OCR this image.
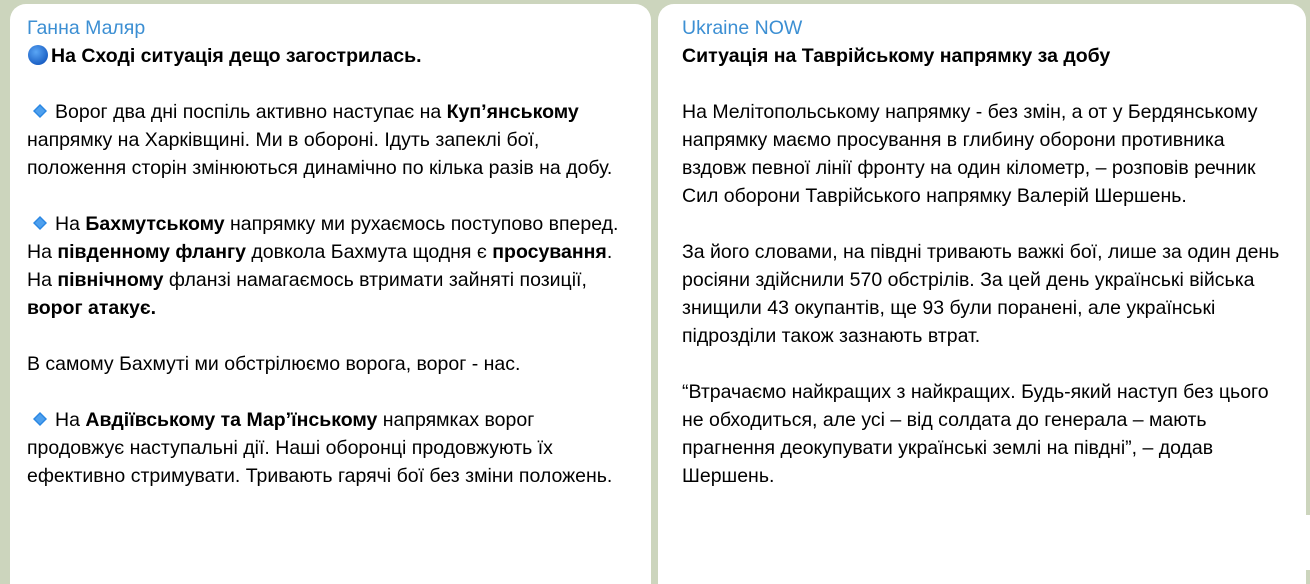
Ганна Маляр
На Сході ситуація дещо загострилась.
Ворог два дні поспіль активно наступає на Куп’янському напрямку на Харківщині. Ми в обороні. Ідуть запеклі бої, положення сторін змінюються динамічно по кілька разів на добу.
На Бахмутському напрямку ми рухаємось поступово вперед. На південному флангу довкола Бахмута щодня є просування.
На північному фланзі намагаємось втримати зайняті позиції, ворог атакує.
В самому Бахмуті ми обстрілюємо ворога, ворог - нас.
На Авдіївському та Мар’їнському напрямках ворог продовжує наступальні дії. Наші оборонці продовжують їх ефективно стримувати. Тривають гарячі бої без зміни положень.
Ukraine NOW
Ситуація на Таврійському напрямку за добу
На Мелітопольському напрямку - без змін, а от у Бердянському напрямку маємо просування в глибину оборони противника вздовж певної лінії фронту на один кілометр, – розповів речник Сил оборони Таврійського напрямку Валерій Шершень.
За його словами, на півдні тривають важкі бої, лише за один день росіяни здійснили 570 обстрілів. За цей день українські війська знищили 43 окупантів, ще 93 були поранені, але українські підрозділи також зазнають втрат.
“Втрачаємо найкращих з найкращих. Будь-який наступ без цього не обходиться, але усі – від солдата до генерала – мають прагнення деокупувати українські землі на півдні”, – додав Шершень.
